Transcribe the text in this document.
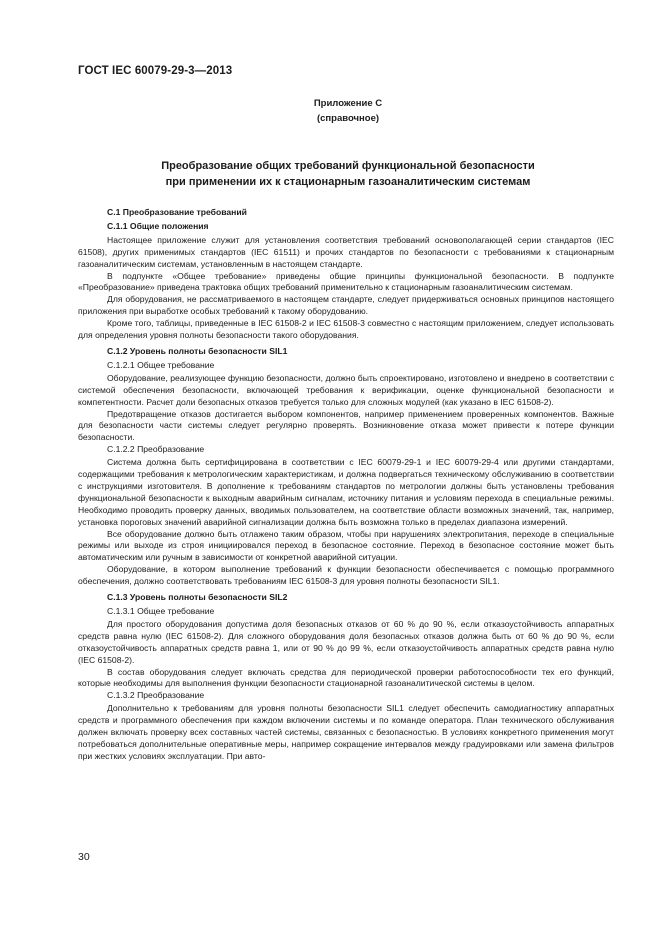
ГОСТ IEC 60079-29-3—2013
Приложение С
(справочное)
Преобразование общих требований функциональной безопасности
при применении их к стационарным газоаналитическим системам

С.1 Преобразование требований

С.1.1 Общие положения

Настоящее приложение служит для установления соответствия требований основополагающей серии стандартов (IEC 61508), других применимых стандартов (IEC 61511) и прочих стандартов по безопасности с требованиями к стационарным газоаналитическим системам, установленным в настоящем стандарте.

В подпункте «Общее требование» приведены общие принципы функциональной безопасности. В подпункте «Преобразование» приведена трактовка общих требований применительно к стационарным газоаналитическим системам.

Для оборудования, не рассматриваемого в настоящем стандарте, следует придерживаться основных принципов настоящего приложения при выработке особых требований к такому оборудованию.

Кроме того, таблицы, приведенные в IEC 61508-2 и IEC 61508-3 совместно с настоящим приложением, следует использовать для определения уровня полноты безопасности такого оборудования.

С.1.2 Уровень полноты безопасности SIL1

С.1.2.1 Общее требование

Оборудование, реализующее функцию безопасности, должно быть спроектировано, изготовлено и внедрено в соответствии с системой обеспечения безопасности, включающей требования к верификации, оценке функциональной безопасности и компетентности. Расчет доли безопасных отказов требуется только для сложных модулей (как указано в IEC 61508-2).

Предотвращение отказов достигается выбором компонентов, например применением проверенных компонентов. Важные для безопасности части системы следует регулярно проверять. Возникновение отказа может привести к потере функции безопасности.

С.1.2.2 Преобразование

Система должна быть сертифицирована в соответствии с IEC 60079-29-1 и IEC 60079-29-4 или другими стандартами, содержащими требования к метрологическим характеристикам, и должна подвергаться техническому обслуживанию в соответствии с инструкциями изготовителя. В дополнение к требованиям стандартов по метрологии должны быть установлены требования функциональной безопасности к выходным аварийным сигналам, источнику питания и условиям перехода в специальные режимы. Необходимо проводить проверку данных, вводимых пользователем, на соответствие области возможных значений, так, например, установка пороговых значений аварийной сигнализации должна быть возможна только в пределах диапазона измерений.

Все оборудование должно быть отлажено таким образом, чтобы при нарушениях электропитания, переходе в специальные режимы или выходе из строя инициировался переход в безопасное состояние. Переход в безопасное состояние может быть автоматическим или ручным в зависимости от конкретной аварийной ситуации.

Оборудование, в котором выполнение требований к функции безопасности обеспечивается с помощью программного обеспечения, должно соответствовать требованиям IEC 61508-3 для уровня полноты безопасности SIL1.

С.1.3 Уровень полноты безопасности SIL2

С.1.3.1 Общее требование

Для простого оборудования допустима доля безопасных отказов от 60 % до 90 %, если отказоустойчивость аппаратных средств равна нулю (IEC 61508-2). Для сложного оборудования доля безопасных отказов должна быть от 60 % до 90 %, если отказоустойчивость аппаратных средств равна 1, или от 90 % до 99 %, если отказоустойчивость аппаратных средств равна нулю (IEC 61508-2).

В состав оборудования следует включать средства для периодической проверки работоспособности тех его функций, которые необходимы для выполнения функции безопасности стационарной газоаналитической системы в целом.

С.1.3.2 Преобразование

Дополнительно к требованиям для уровня полноты безопасности SIL1 следует обеспечить самодиагностику аппаратных средств и программного обеспечения при каждом включении системы и по команде оператора. План технического обслуживания должен включать проверку всех составных частей системы, связанных с безопасностью. В условиях конкретного применения могут потребоваться дополнительные оперативные меры, например сокращение интервалов между градуировками или замена фильтров при жестких условиях эксплуатации. При авто-

30
